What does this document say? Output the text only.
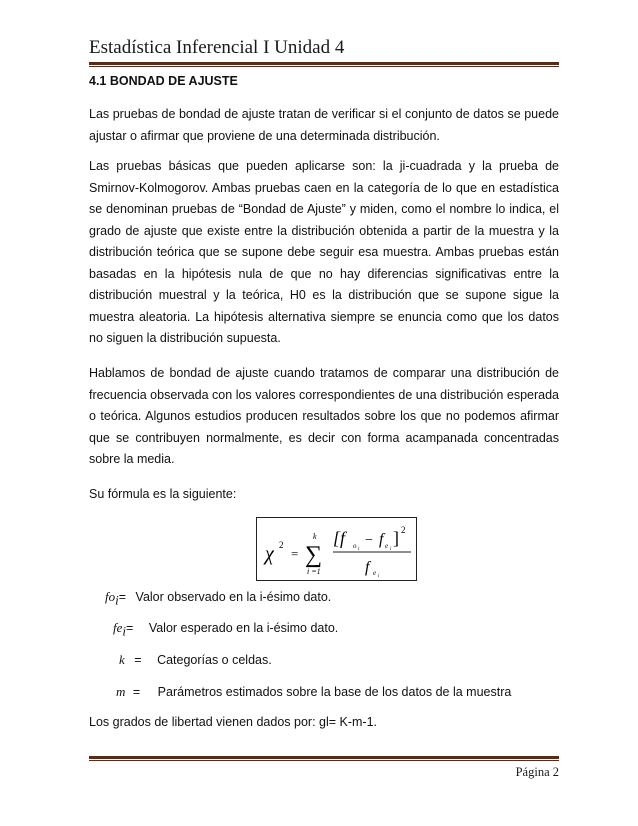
Estadística Inferencial I Unidad 4
4.1 BONDAD DE AJUSTE
Las pruebas de bondad de ajuste tratan de verificar si el conjunto de datos se puede ajustar o afirmar que proviene de una determinada distribución.
Las pruebas básicas que pueden aplicarse son: la ji-cuadrada y la prueba de Smirnov-Kolmogorov. Ambas pruebas caen en la categoría de lo que en estadística se denominan pruebas de “Bondad de Ajuste” y miden, como el nombre lo indica, el grado de ajuste que existe entre la distribución obtenida a partir de la muestra y la distribución teórica que se supone debe seguir esa muestra. Ambas pruebas están basadas en la hipótesis nula de que no hay diferencias significativas entre la distribución muestral y la teórica, H0 es la distribución que se supone sigue la muestra aleatoria. La hipótesis alternativa siempre se enuncia como que los datos no siguen la distribución supuesta.
Hablamos de bondad de ajuste cuando tratamos de comparar una distribución de frecuencia observada con los valores correspondientes de una distribución esperada o teórica. Algunos estudios producen resultados sobre los que no podemos afirmar que se contribuyen normalmente, es decir con forma acampanada concentradas sobre la media.
Su fórmula es la siguiente:
χ 2
=
k
∑
i =1
[f	o i
− f e i
] 2
f e i
$fo_i=$ Valor observado en la i-ésimo dato.
$fe_i=$ Valor esperado en la i-ésimo dato.
k = Categorías o celdas.
m = Parámetros estimados sobre la base de los datos de la muestra
Los grados de libertad vienen dados por: gl= K-m-1.
Página 2
